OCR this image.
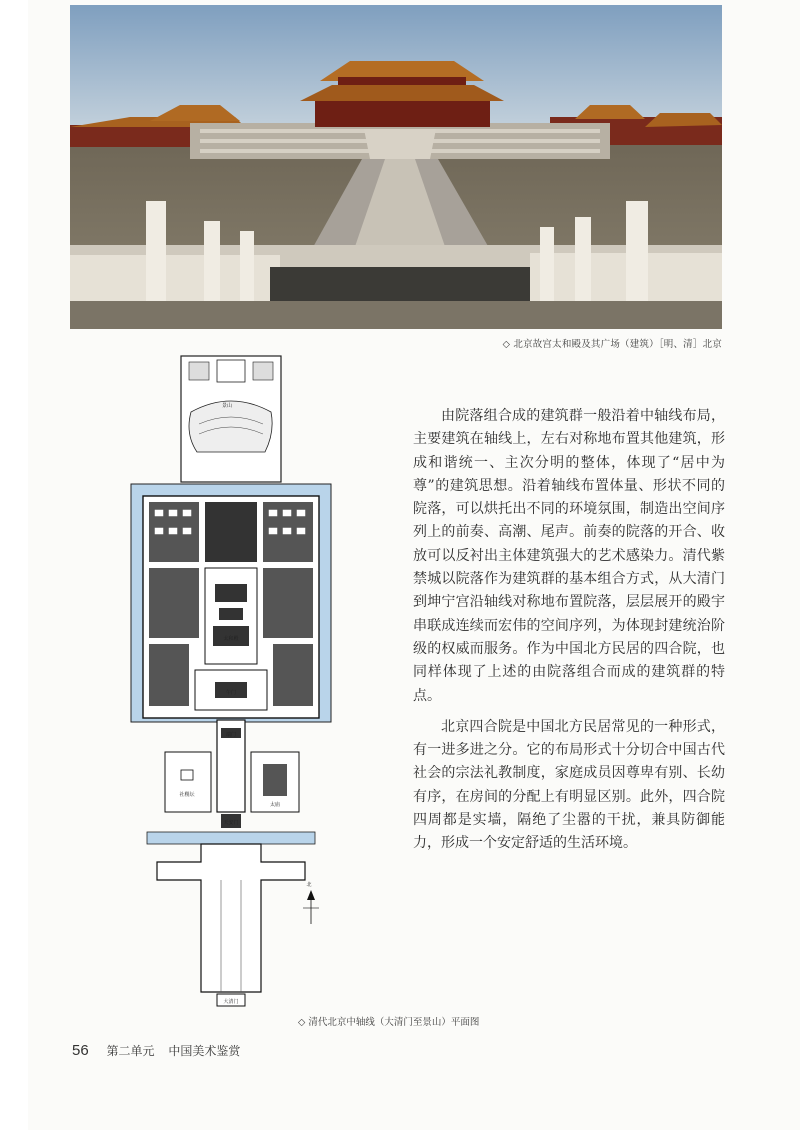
◇ 北京故宫太和殿及其广场（建筑）［明、清］北京
景山
太和殿
午门
端门
社稷坛
太庙
天安门
大清门
北
◇ 清代北京中轴线（大清门至景山）平面图

由院落组合成的建筑群一般沿着中轴线布局，主要建筑在轴线上，左右对称地布置其他建筑，形成和谐统一、主次分明的整体，体现了“居中为尊”的建筑思想。沿着轴线布置体量、形状不同的院落，可以烘托出不同的环境氛围，制造出空间序列上的前奏、高潮、尾声。前奏的院落的开合、收放可以反衬出主体建筑强大的艺术感染力。清代紫禁城以院落作为建筑群的基本组合方式，从大清门到坤宁宫沿轴线对称地布置院落，层层展开的殿宇串联成连续而宏伟的空间序列，为体现封建统治阶级的权威而服务。作为中国北方民居的四合院，也同样体现了上述的由院落组合而成的建筑群的特点。

北京四合院是中国北方民居常见的一种形式，有一进多进之分。它的布局形式十分切合中国古代社会的宗法礼教制度，家庭成员因尊卑有别、长幼有序，在房间的分配上有明显区别。此外，四合院四周都是实墙，隔绝了尘嚣的干扰，兼具防御能力，形成一个安定舒适的生活环境。

56 第二单元 中国美术鉴赏
